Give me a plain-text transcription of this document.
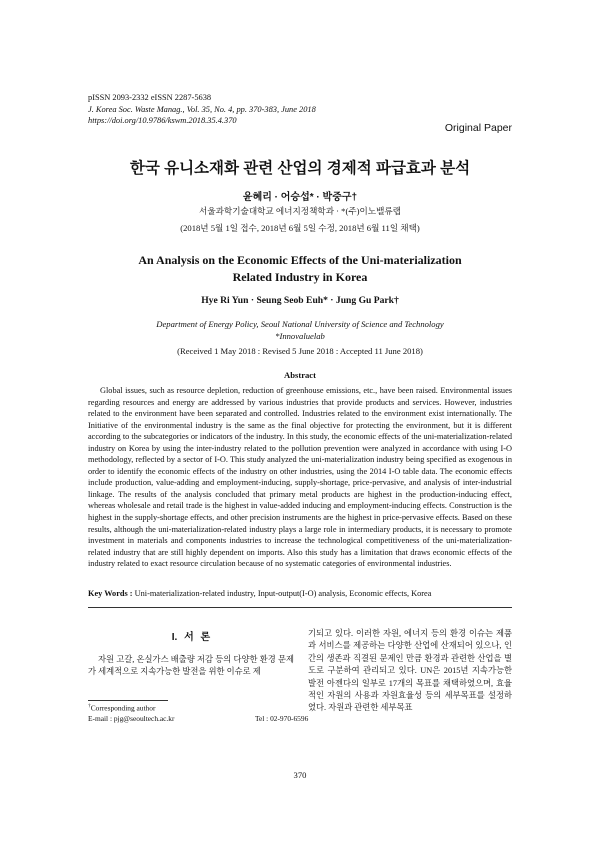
pISSN 2093-2332 eISSN 2287-5638
J. Korea Soc. Waste Manag., Vol. 35, No. 4, pp. 370-383, June 2018
https://doi.org/10.9786/kswm.2018.35.4.370
Original Paper
한국 유니소재화 관련 산업의 경제적 파급효과 분석
윤혜리 · 어승섭* · 박중구†
서울과학기술대학교 에너지정책학과 · *(주)이노밸류랩
(2018년 5월 1일 접수, 2018년 6월 5일 수정, 2018년 6월 11일 채택)
An Analysis on the Economic Effects of the Uni-materialization
Related Industry in Korea
Hye Ri Yun · Seung Seob Euh* · Jung Gu Park†
Department of Energy Policy, Seoul National University of Science and Technology
*Innovaluelab
(Received 1 May 2018 : Revised 5 June 2018 : Accepted 11 June 2018)
Abstract

Global issues, such as resource depletion, reduction of greenhouse emissions, etc., have been raised. Environmental issues regarding resources and energy are addressed by various industries that provide products and services. However, industries related to the environment have been separated and controlled. Industries related to the environment exist internationally. The Initiative of the environmental industry is the same as the final objective for protecting the environment, but it is different according to the subcategories or indicators of the industry. In this study, the economic effects of the uni-materialization-related industry on Korea by using the inter-industry related to the pollution prevention were analyzed in accordance with using I-O methodology, reflected by a sector of I-O. This study analyzed the uni-materialization industry being specified as exogenous in order to identify the economic effects of the industry on other industries, using the 2014 I-O table data. The economic effects include production, value-adding and employment-inducing, supply-shortage, price-pervasive, and analysis of inter-industrial linkage. The results of the analysis concluded that primary metal products are highest in the production-inducing effect, whereas wholesale and retail trade is the highest in value-added inducing and employment-inducing effects. Construction is the highest in the supply-shortage effects, and other precision instruments are the highest in price-pervasive effects. Based on these results, although the uni-materialization-related industry plays a large role in intermediary products, it is necessary to promote investment in materials and components industries to increase the technological competitiveness of the uni-materialization-related industry that are still highly dependent on imports. Also this study has a limitation that draws economic effects of the industry related to exact resource circulation because of no systematic categories of environmental industries.

Key Words : Uni-materialization-related industry, Input-output(I-O) analysis, Economic effects, Korea
I. 서 론

자원 고갈, 온실가스 배출량 저감 등의 다양한 환경 문제가 세계적으로 지속가능한 발전을 위한 이슈로 제

†Corresponding author
E-mail : pjg@seoultech.ac.kr	Tel : 02-970-6596

기되고 있다. 이러한 자원, 에너지 등의 환경 이슈는 제품과 서비스를 제공하는 다양한 산업에 산재되어 있으나, 인간의 생존과 직결된 문제인 만큼 환경과 관련한 산업을 별도로 구분하여 관리되고 있다. UN은 2015년 지속가능한 발전 아젠다의 일부로 17개의 목표를 채택하였으며, 효율적인 자원의 사용과 자원효율성 등의 세부목표를 설정하였다. 자원과 관련한 세부목표

370
